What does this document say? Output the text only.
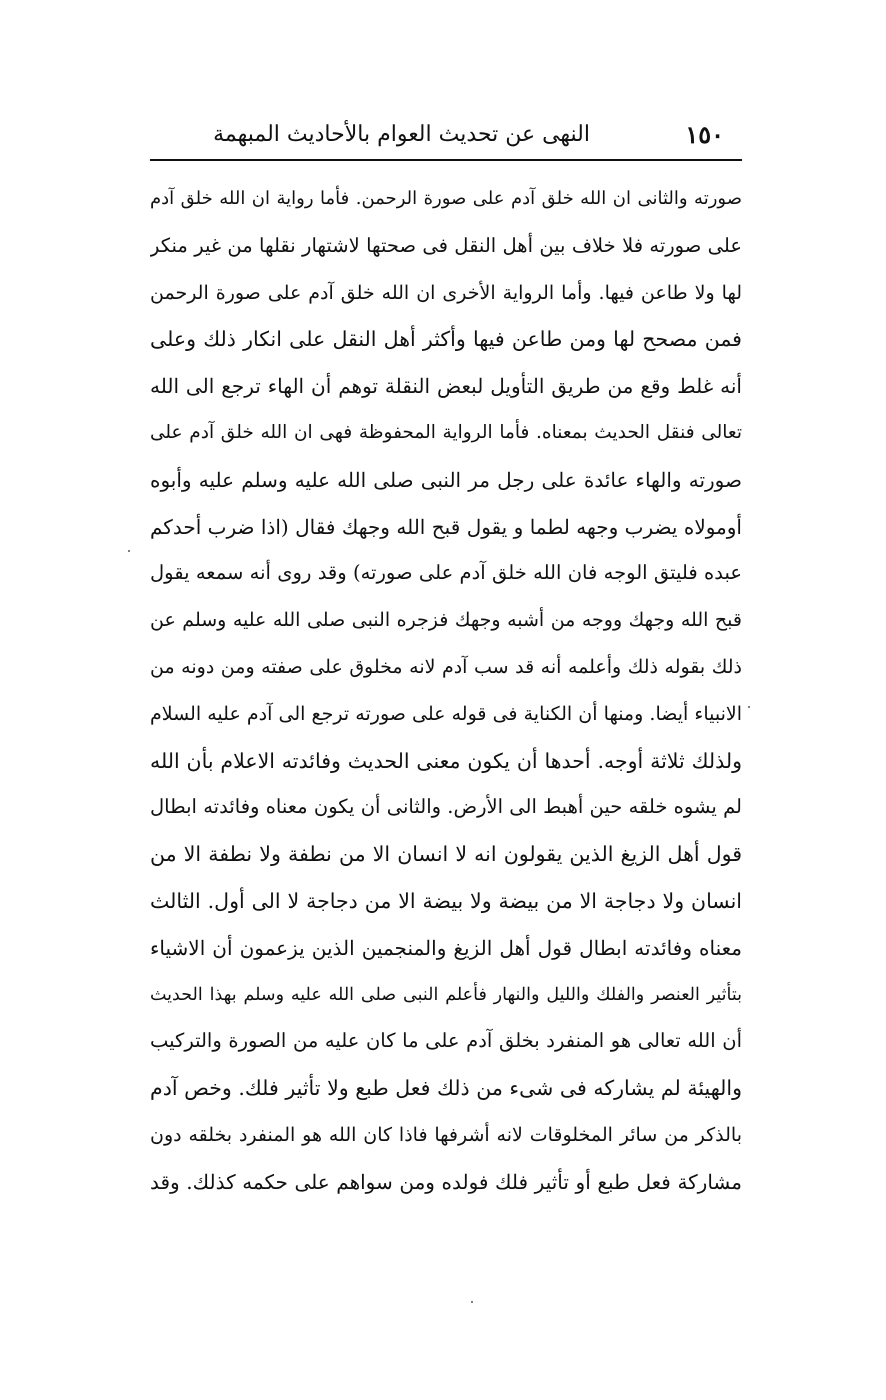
١٥٠
النهى عن تحديث العوام بالأحاديث المبهمة
صورته والثانى ان الله خلق آدم على صورة الرحمن. فأما رواية ان الله خلق آدم
على صورته فلا خلاف بين أهل النقل فى صحتها لاشتهار نقلها من غير منكر
لها ولا طاعن فيها. وأما الرواية الأخرى ان الله خلق آدم على صورة الرحمن
فمن مصحح لها ومن طاعن فيها وأكثر أهل النقل على انكار ذلك وعلى
أنه غلط وقع من طريق التأويل لبعض النقلة توهم أن الهاء ترجع الى الله
تعالى فنقل الحديث بمعناه. فأما الرواية المحفوظة فهى ان الله خلق آدم على
صورته والهاء عائدة على رجل مر النبى صلى الله عليه وسلم عليه وأبوه
أومولاه يضرب وجهه لطما و يقول قبح الله وجهك فقال (اذا ضرب أحدكم
عبده فليتق الوجه فان الله خلق آدم على صورته) وقد روى أنه سمعه يقول
قبح الله وجهك ووجه من أشبه وجهك فزجره النبى صلى الله عليه وسلم عن
ذلك بقوله ذلك وأعلمه أنه قد سب آدم لانه مخلوق على صفته ومن دونه من
الانبياء أيضا. ومنها أن الكناية فى قوله على صورته ترجع الى آدم عليه السلام
ولذلك ثلاثة أوجه. أحدها أن يكون معنى الحديث وفائدته الاعلام بأن الله
لم يشوه خلقه حين أهبط الى الأرض. والثانى أن يكون معناه وفائدته ابطال
قول أهل الزيغ الذين يقولون انه لا انسان الا من نطفة ولا نطفة الا من
انسان ولا دجاجة الا من بيضة ولا بيضة الا من دجاجة لا الى أول. الثالث
معناه وفائدته ابطال قول أهل الزيغ والمنجمين الذين يزعمون أن الاشياء
بتأثير العنصر والفلك والليل والنهار فأعلم النبى صلى الله عليه وسلم بهذا الحديث
أن الله تعالى هو المنفرد بخلق آدم على ما كان عليه من الصورة والتركيب
والهيئة لم يشاركه فى شىء من ذلك فعل طبع ولا تأثير فلك. وخص آدم
بالذكر من سائر المخلوقات لانه أشرفها فاذا كان الله هو المنفرد بخلقه دون
مشاركة فعل طبع أو تأثير فلك فولده ومن سواهم على حكمه كذلك. وقد
